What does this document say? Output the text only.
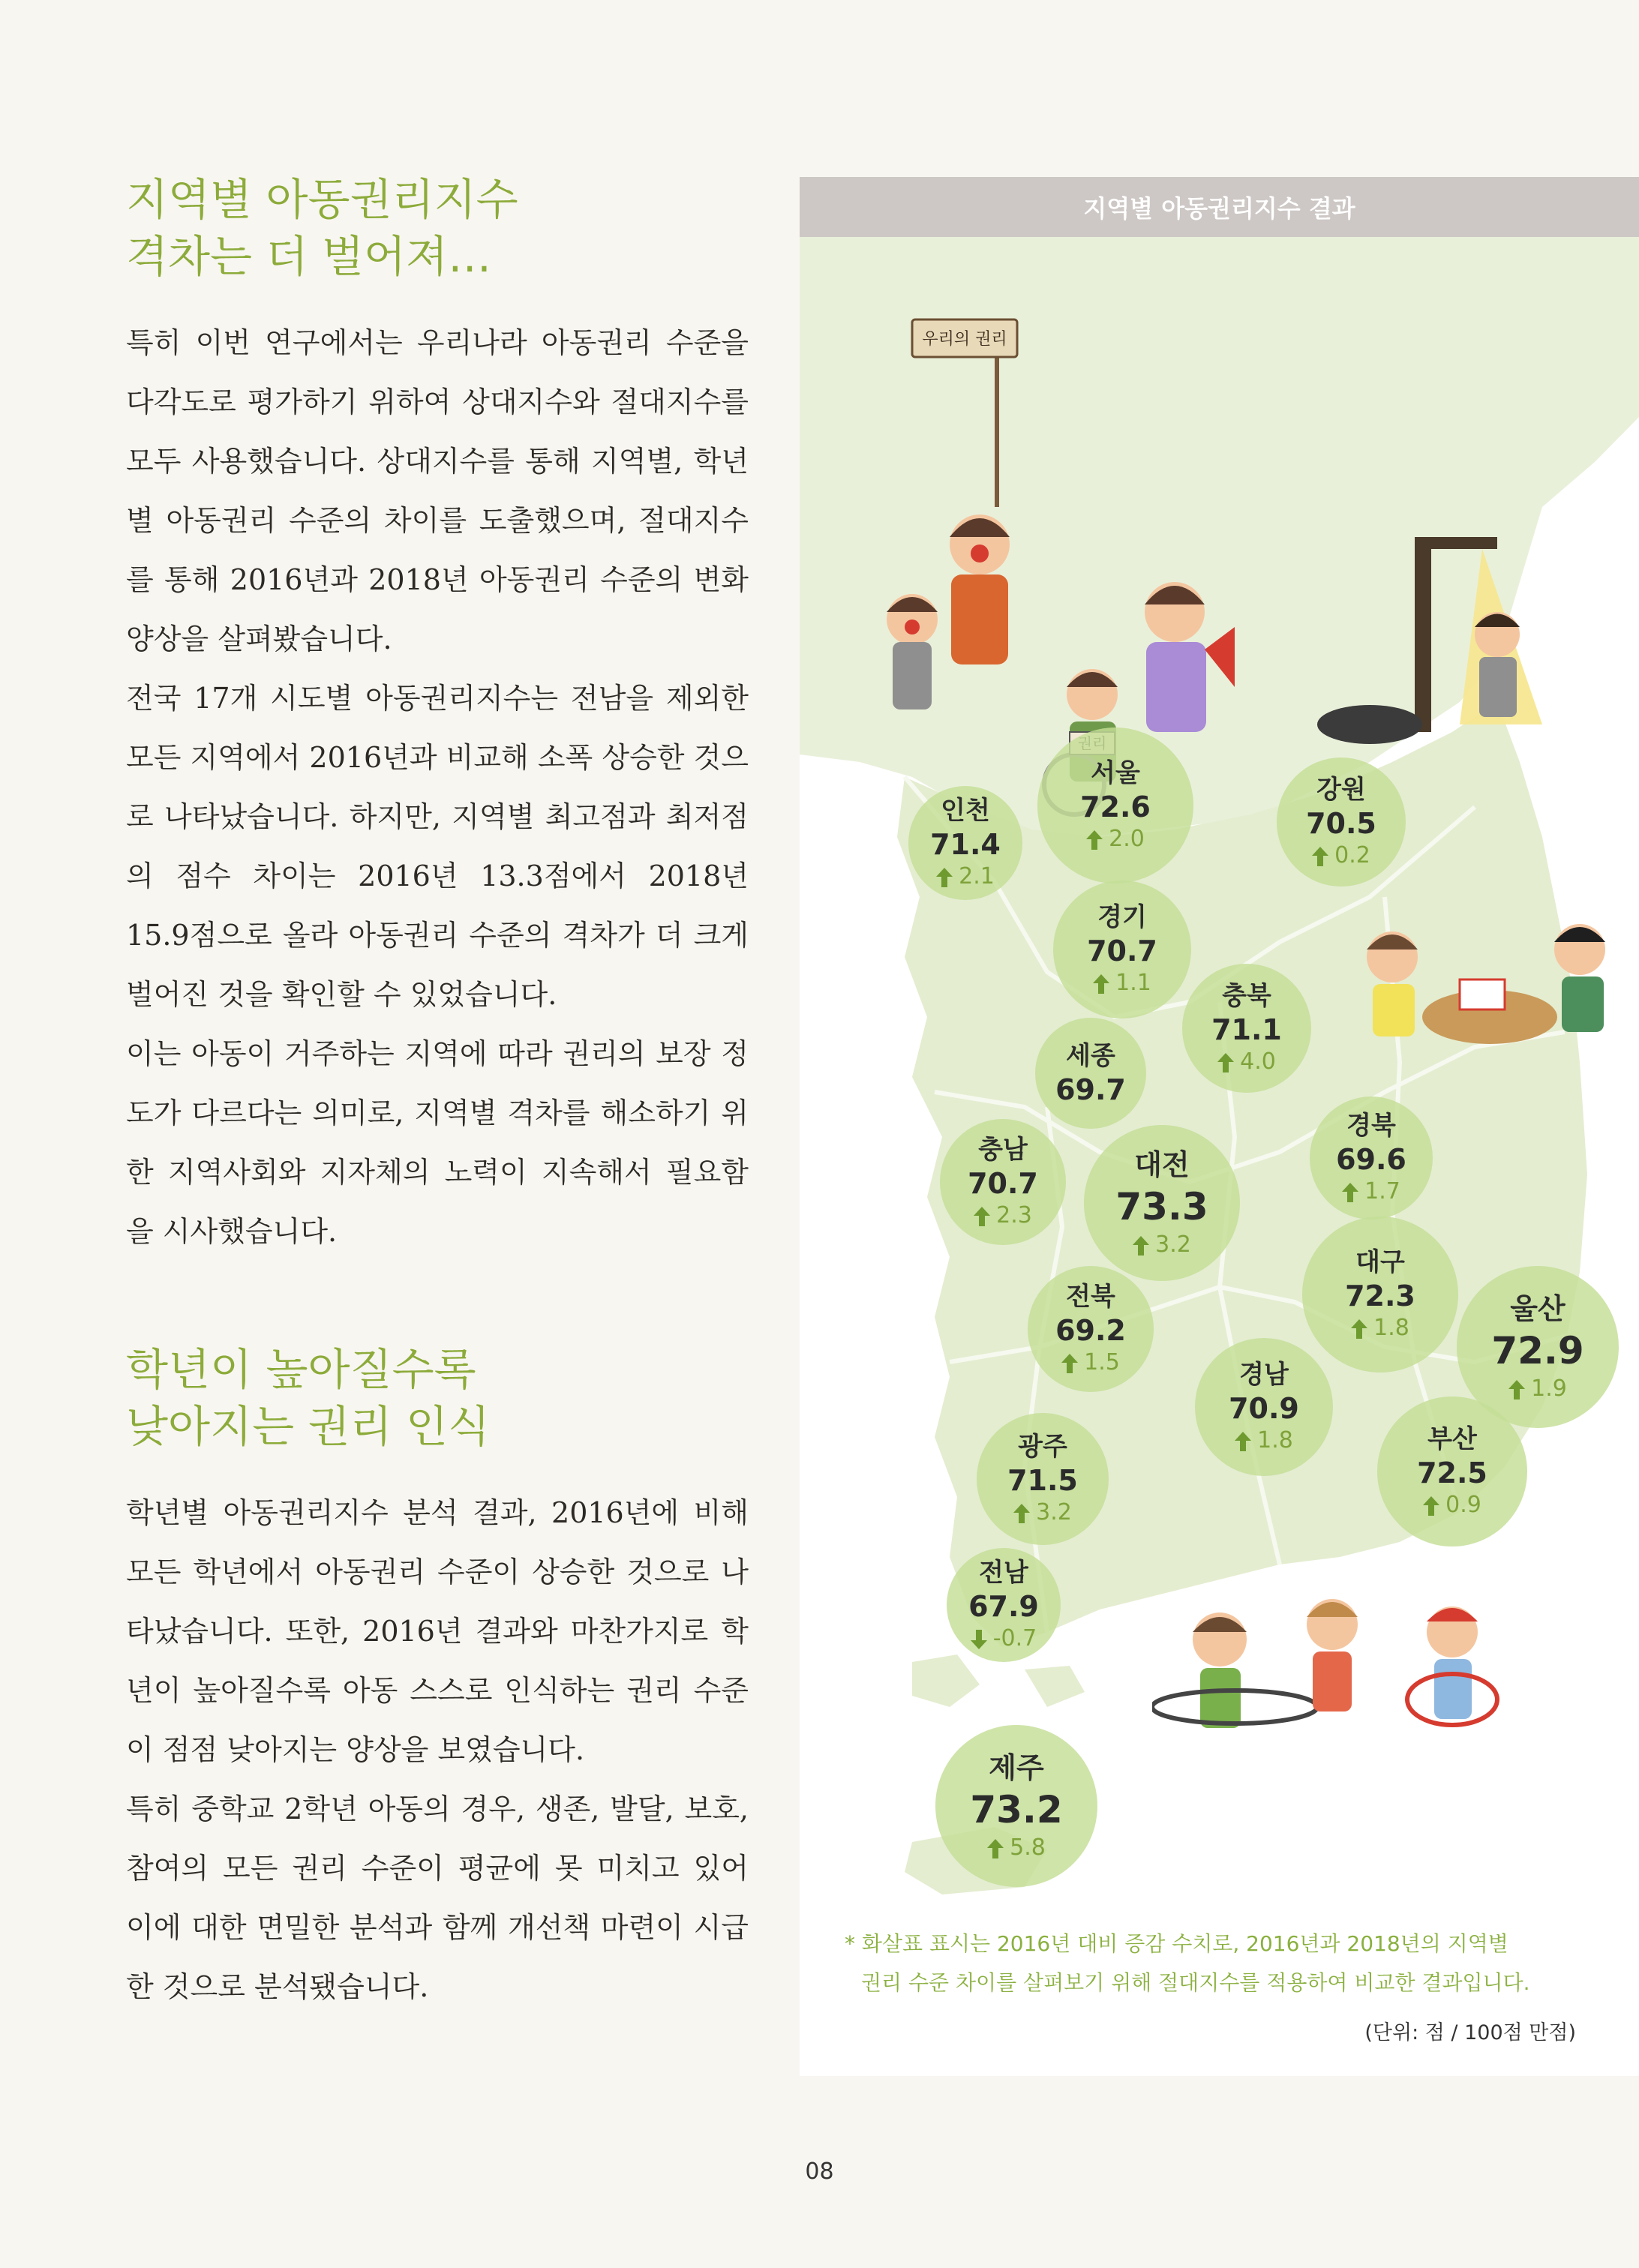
지역별 아동권리지수
격차는 더 벌어져…

특히 이번 연구에서는 우리나라 아동권리 수준을 다각도로 평가하기 위하여 상대지수와 절대지수를 모두 사용했습니다. 상대지수를 통해 지역별, 학년별 아동권리 수준의 차이를 도출했으며, 절대지수를 통해 2016년과 2018년 아동권리 수준의 변화 양상을 살펴봤습니다.

전국 17개 시도별 아동권리지수는 전남을 제외한 모든 지역에서 2016년과 비교해 소폭 상승한 것으로 나타났습니다. 하지만, 지역별 최고점과 최저점의 점수 차이는 2016년 13.3점에서 2018년 15.9점으로 올라 아동권리 수준의 격차가 더 크게 벌어진 것을 확인할 수 있었습니다.

이는 아동이 거주하는 지역에 따라 권리의 보장 정도가 다르다는 의미로, 지역별 격차를 해소하기 위한 지역사회와 지자체의 노력이 지속해서 필요함을 시사했습니다.

학년이 높아질수록
낮아지는 권리 인식

학년별 아동권리지수 분석 결과, 2016년에 비해 모든 학년에서 아동권리 수준이 상승한 것으로 나타났습니다. 또한, 2016년 결과와 마찬가지로 학년이 높아질수록 아동 스스로 인식하는 권리 수준이 점점 낮아지는 양상을 보였습니다.

특히 중학교 2학년 아동의 경우, 생존, 발달, 보호, 참여의 모든 권리 수준이 평균에 못 미치고 있어 이에 대한 면밀한 분석과 함께 개선책 마련이 시급한 것으로 분석됐습니다.

지역별 아동권리지수 결과
우리의 권리
인천
71.4
2.1
서울
72.6
2.0
강원
70.5
0.2
경기
70.7
1.1	충북
71.1
4.0
세종
69.7
충남
70.7
2.3
대전
73.3
3.2
경북
69.6
1.7
대구
72.3
1.8
전북
69.2
1.5
울산
72.9
1.9
경남
70.9
1.8	부산
72.5
0.9
광주
71.5
3.2
전남
67.9
-0.7
제주
73.2
5.8
* 화살표 표시는 2016년 대비 증감 수치로, 2016년과 2018년의 지역별
권리 수준 차이를 살펴보기 위해 절대지수를 적용하여 비교한 결과입니다.
(단위: 점 / 100점 만점)
08
